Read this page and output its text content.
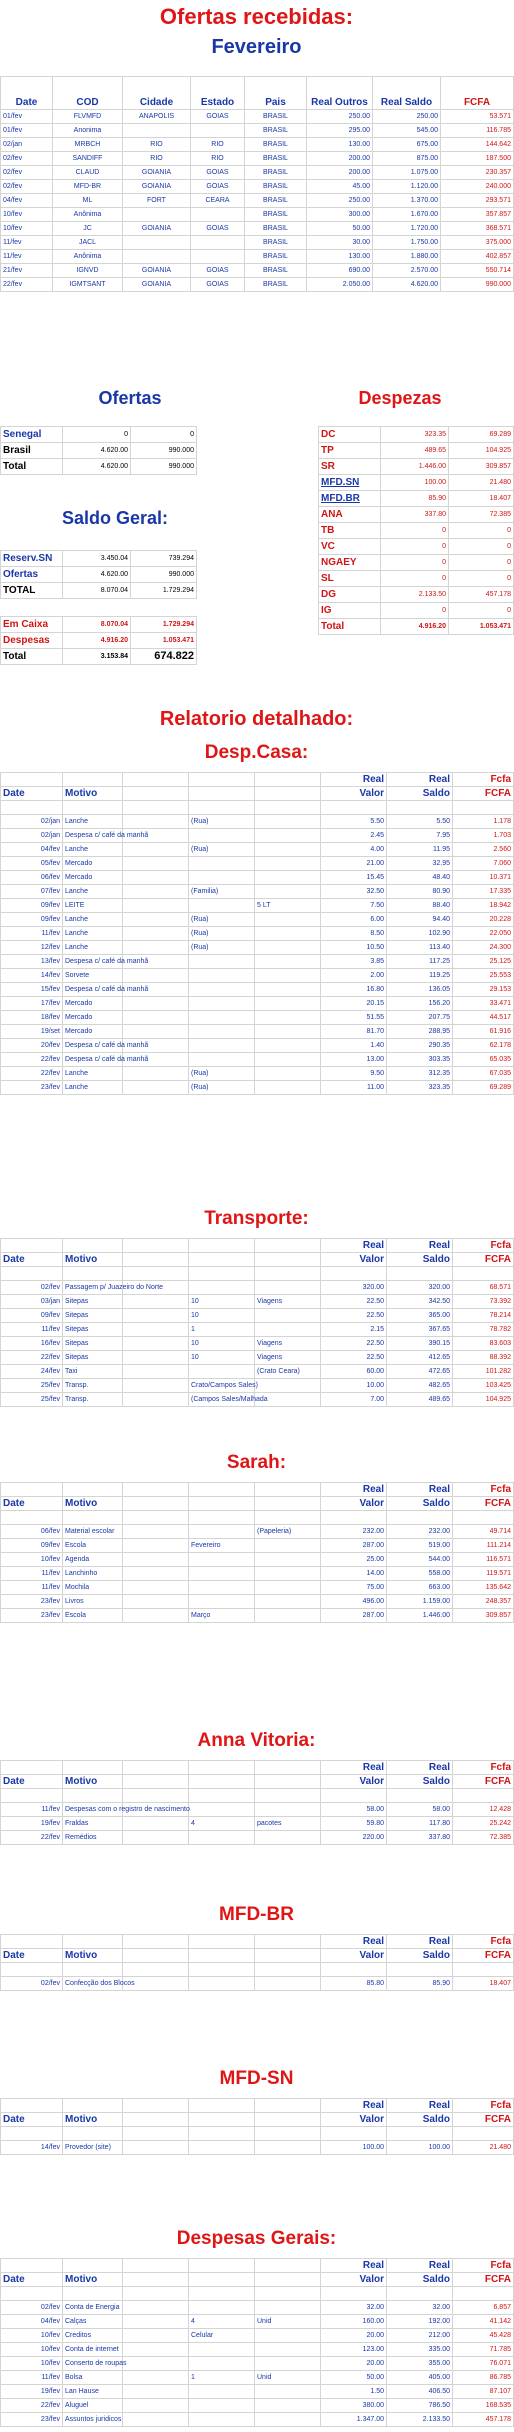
Ofertas recebidas:
Fevereiro
Date	COD	Cidade	Estado	Pais	Real Outros	Real Saldo	FCFA
01/fev	FLVMFD	ANAPOLIS	GOIAS	BRASIL	250.00	250.00	53.571
01/fev	Anonima			BRASIL	295.00	545.00	116.785
02/jan	MRBCH	RIO	RIO	BRASIL	130.00	675.00	144.642
02/fev	SANDIFF	RIO	RIO	BRASIL	200.00	875.00	187.500
02/fev	CLAUD	GOIANIA	GOIAS	BRASIL	200.00	1.075.00	230.357
02/fev	MFD-BR	GOIANIA	GOIAS	BRASIL	45.00	1.120.00	240.000
04/fev	ML	FORT	CEARA	BRASIL	250.00	1.370.00	293.571
10/fev	Anônima			BRASIL	300.00	1.670.00	357.857
10/fev	JC	GOIANIA	GOIAS	BRASIL	50.00	1.720.00	368.571
11/fev	JACL			BRASIL	30.00	1.750.00	375.000
11/fev	Anônima			BRASIL	130.00	1.880.00	402.857
21/fev	IGNVD	GOIANIA	GOIAS	BRASIL	690.00	2.570.00	550.714
22/fev	IGMTSANT	GOIANIA	GOIAS	BRASIL	2.050.00	4.620.00	990.000
Ofertas
Senegal	0	0
Brasil	4.620.00	990.000
Total	4.620.00	990.000
Saldo Geral:
Reserv.SN	3.450.04	739.294
Ofertas	4.620.00	990.000
TOTAL	8.070.04	1.729.294
Em Caixa	8.070.04	1.729.294
Despesas	4.916.20	1.053.471
Total	3.153.84	674.822
Despezas
DC	323.35	69.289
TP	489.65	104.925
SR	1.446.00	309.857
MFD.SN	100.00	21.480
MFD.BR	85.90	18.407
ANA	337.80	72.385
TB	0	0
VC	0	0
NGAEY	0	0
SL	0	0
DG	2.133.50	457.178
IG	0	0
Total	4.916.20	1.053.471
Relatorio detalhado:
Desp.Casa:
					Real	Real	Fcfa
Date	Motivo				Valor	Saldo	FCFA

02/jan	Lanche		(Rua)		5.50	5.50	1.178
02/jan	Despesa c/ café da manhã				2.45	7.95	1.703
04/fev	Lanche		(Rua)		4.00	11.95	2.560
05/fev	Mercado				21.00	32.95	7.060
06/fev	Mercado				15.45	48.40	10.371
07/fev	Lanche		(Familia)		32.50	80.90	17.335
09/fev	LEITE			5 LT	7.50	88.40	18.942
09/fev	Lanche		(Rua)		6.00	94.40	20.228
11/fev	Lanche		(Rua)		8.50	102.90	22.050
12/fev	Lanche		(Rua)		10.50	113.40	24.300
13/fev	Despesa c/ café da manhã				3.85	117.25	25.125
14/fev	Sorvete				2.00	119.25	25.553
15/fev	Despesa c/ café da manhã				16.80	136.05	29.153
17/fev	Mercado				20.15	156.20	33.471
18/fev	Mercado				51.55	207.75	44.517
19/set	Mercado				81.70	288.95	61.916
20/fev	Despesa c/ café da manhã				1.40	290.35	62.178
22/fev	Despesa c/ café da manhã				13.00	303.35	65.035
22/fev	Lanche		(Rua)		9.50	312.35	67.035
23/fev	Lanche		(Rua)		11.00	323.35	69.289
Transporte:
					Real	Real	Fcfa
Date	Motivo				Valor	Saldo	FCFA

02/fev	Passagem p/ Juazeiro do Norte				320.00	320.00	68.571
03/jan	Sitepas		10	Viagens	22.50	342.50	73.392
09/fev	Sitepas		10		22.50	365.00	78.214
11/fev	Sitepas		1		2.15	367.65	78.782
16/fev	Sitepas		10	Viagens	22.50	390.15	83.603
22/fev	Sitepas		10	Viagens	22.50	412.65	88.392
24/fev	Taxi			(Crato Ceara)	60.00	472.65	101.282
25/fev	Transp.		Crato/Campos Sales)		10.00	482.65	103.425
25/fev	Transp.		(Campos Sales/Malhada		7.00	489.65	104.925
Sarah:
					Real	Real	Fcfa
Date	Motivo				Valor	Saldo	FCFA

06/fev	Material escolar			(Papeleria)	232.00	232.00	49.714
09/fev	Escola		Fevereiro		287.00	519.00	111.214
10/fev	Agenda				25.00	544.00	116.571
11/fev	Lanchinho				14.00	558.00	119.571
11/fev	Mochila				75.00	663.00	135.642
23/fev	Livros				496.00	1.159.00	248.357
23/fev	Escola		Março		287.00	1.446.00	309.857
Anna Vitoria:
					Real	Real	Fcfa
Date	Motivo				Valor	Saldo	FCFA

11/fev	Despesas com o registro de nascimento				58.00	58.00	12.428
19/fev	Fraldas		4	pacotes	59.80	117.80	25.242
22/fev	Remédios				220.00	337.80	72.385
MFD-BR
					Real	Real	Fcfa
Date	Motivo				Valor	Saldo	FCFA

02/fev	Confecção dos Blocos				85.80	85.90	18.407
MFD-SN
					Real	Real	Fcfa
Date	Motivo				Valor	Saldo	FCFA

14/fev	Provedor (site)				100.00	100.00	21.480
Despesas Gerais:
					Real	Real	Fcfa
Date	Motivo				Valor	Saldo	FCFA

02/fev	Conta de Energia				32.00	32.00	6.857
04/fev	Calças		4	Unid	160.00	192.00	41.142
10/fev	Creditos		Celular		20.00	212.00	45.428
10/fev	Conta de internet				123.00	335.00	71.785
10/fev	Conserto de roupas				20.00	355.00	76.071
11/fev	Bolsa		1	Unid	50.00	405.00	86.785
19/fev	Lan Hause				1.50	406.50	87.107
22/fev	Aluguel				380.00	786.50	168.535
23/fev	Assuntos juridicos				1.347.00	2.133.50	457.178
